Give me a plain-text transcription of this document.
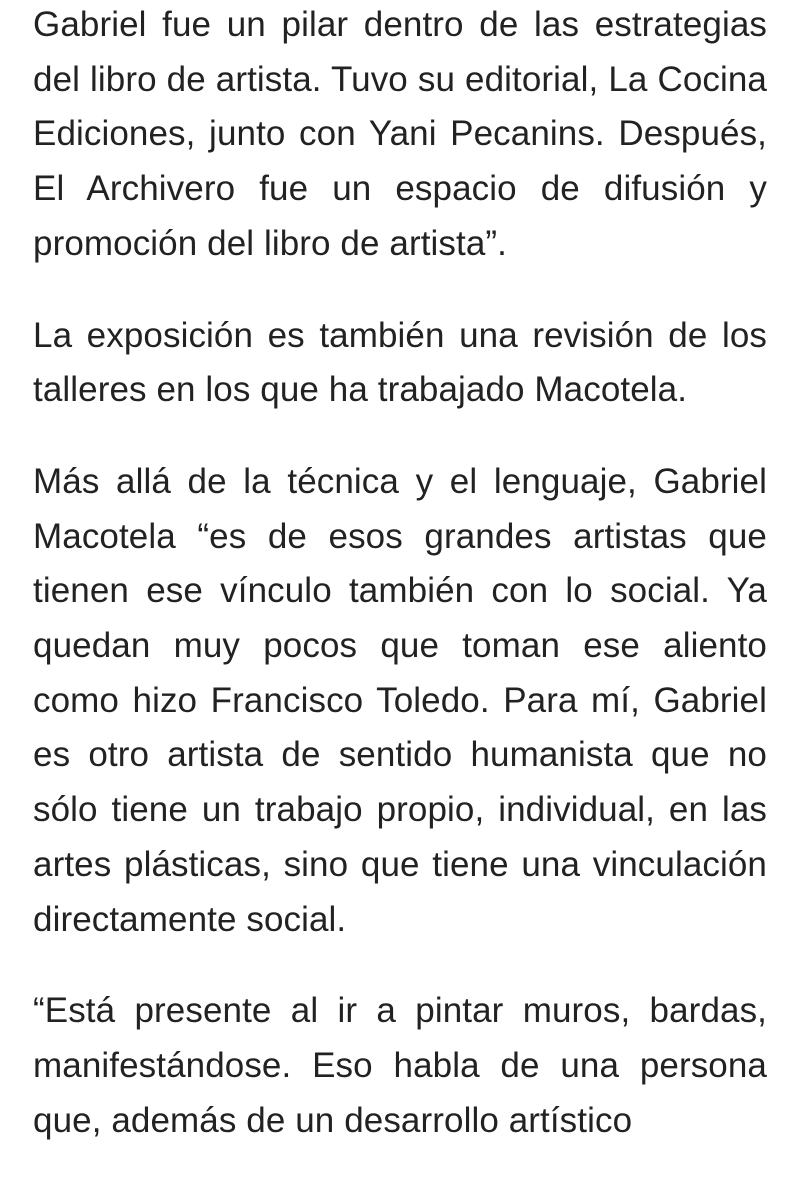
Gabriel fue un pilar dentro de las estrategias del libro de artista. Tuvo su editorial, La Cocina Ediciones, junto con Yani Pecanins. Después, El Archivero fue un espacio de difusión y promoción del libro de artista”.

La exposición es también una revisión de los talleres en los que ha trabajado Macotela.

Más allá de la técnica y el lenguaje, Gabriel Macotela “es de esos grandes artistas que tienen ese vínculo también con lo social. Ya quedan muy pocos que toman ese aliento como hizo Francisco Toledo. Para mí, Gabriel es otro artista de sentido humanista que no sólo tiene un trabajo propio, individual, en las artes plásticas, sino que tiene una vinculación directamente social.

“Está presente al ir a pintar muros, bardas, manifestándose. Eso habla de una persona que, además de un desarrollo artístico
